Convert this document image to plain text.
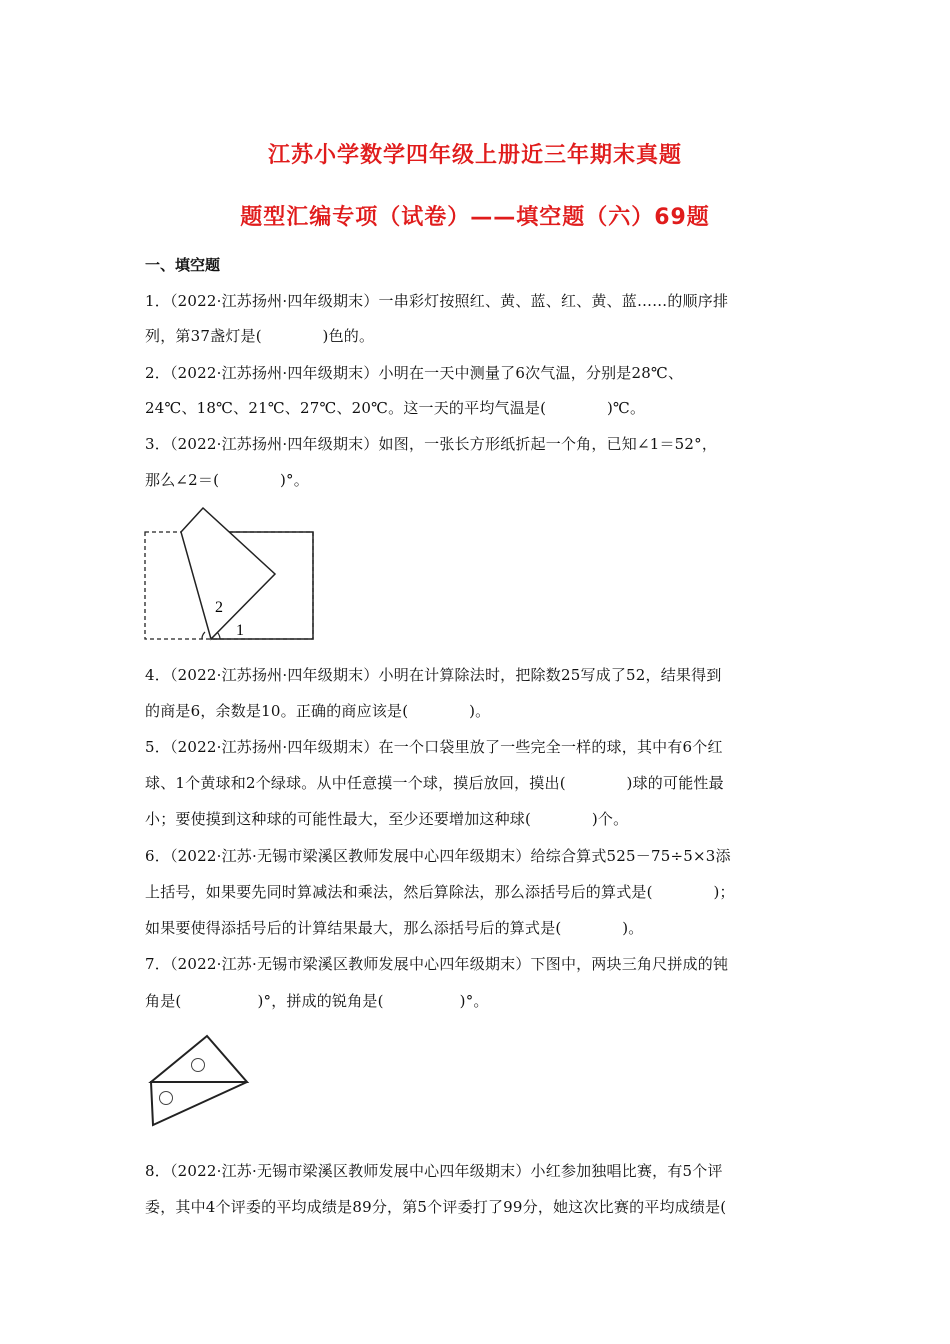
江苏小学数学四年级上册近三年期末真题
题型汇编专项（试卷）——填空题（六）69题
一、填空题
1．（2022·江苏扬州·四年级期末）一串彩灯按照红、黄、蓝、红、黄、蓝……的顺序排
列，第37盏灯是(　　　　)色的。
2．（2022·江苏扬州·四年级期末）小明在一天中测量了6次气温，分别是28℃、
24℃、18℃、21℃、27℃、20℃。这一天的平均气温是(　　　　)℃。
3．（2022·江苏扬州·四年级期末）如图，一张长方形纸折起一个角，已知∠1＝52°，
那么∠2＝(　　　　)°。
2
1
4．（2022·江苏扬州·四年级期末）小明在计算除法时，把除数25写成了52，结果得到
的商是6，余数是10。正确的商应该是(　　　　)。
5．（2022·江苏扬州·四年级期末）在一个口袋里放了一些完全一样的球，其中有6个红
球、1个黄球和2个绿球。从中任意摸一个球，摸后放回，摸出(　　　　)球的可能性最
小；要使摸到这种球的可能性最大，至少还要增加这种球(　　　　)个。
6．（2022·江苏·无锡市梁溪区教师发展中心四年级期末）给综合算式525－75÷5×3添
上括号，如果要先同时算减法和乘法，然后算除法，那么添括号后的算式是(　　　　)；
如果要使得添括号后的计算结果最大，那么添括号后的算式是(　　　　)。
7．（2022·江苏·无锡市梁溪区教师发展中心四年级期末）下图中，两块三角尺拼成的钝
角是(　　　　　)°，拼成的锐角是(　　　　　)°。
8．（2022·江苏·无锡市梁溪区教师发展中心四年级期末）小红参加独唱比赛，有5个评
委，其中4个评委的平均成绩是89分，第5个评委打了99分，她这次比赛的平均成绩是(
